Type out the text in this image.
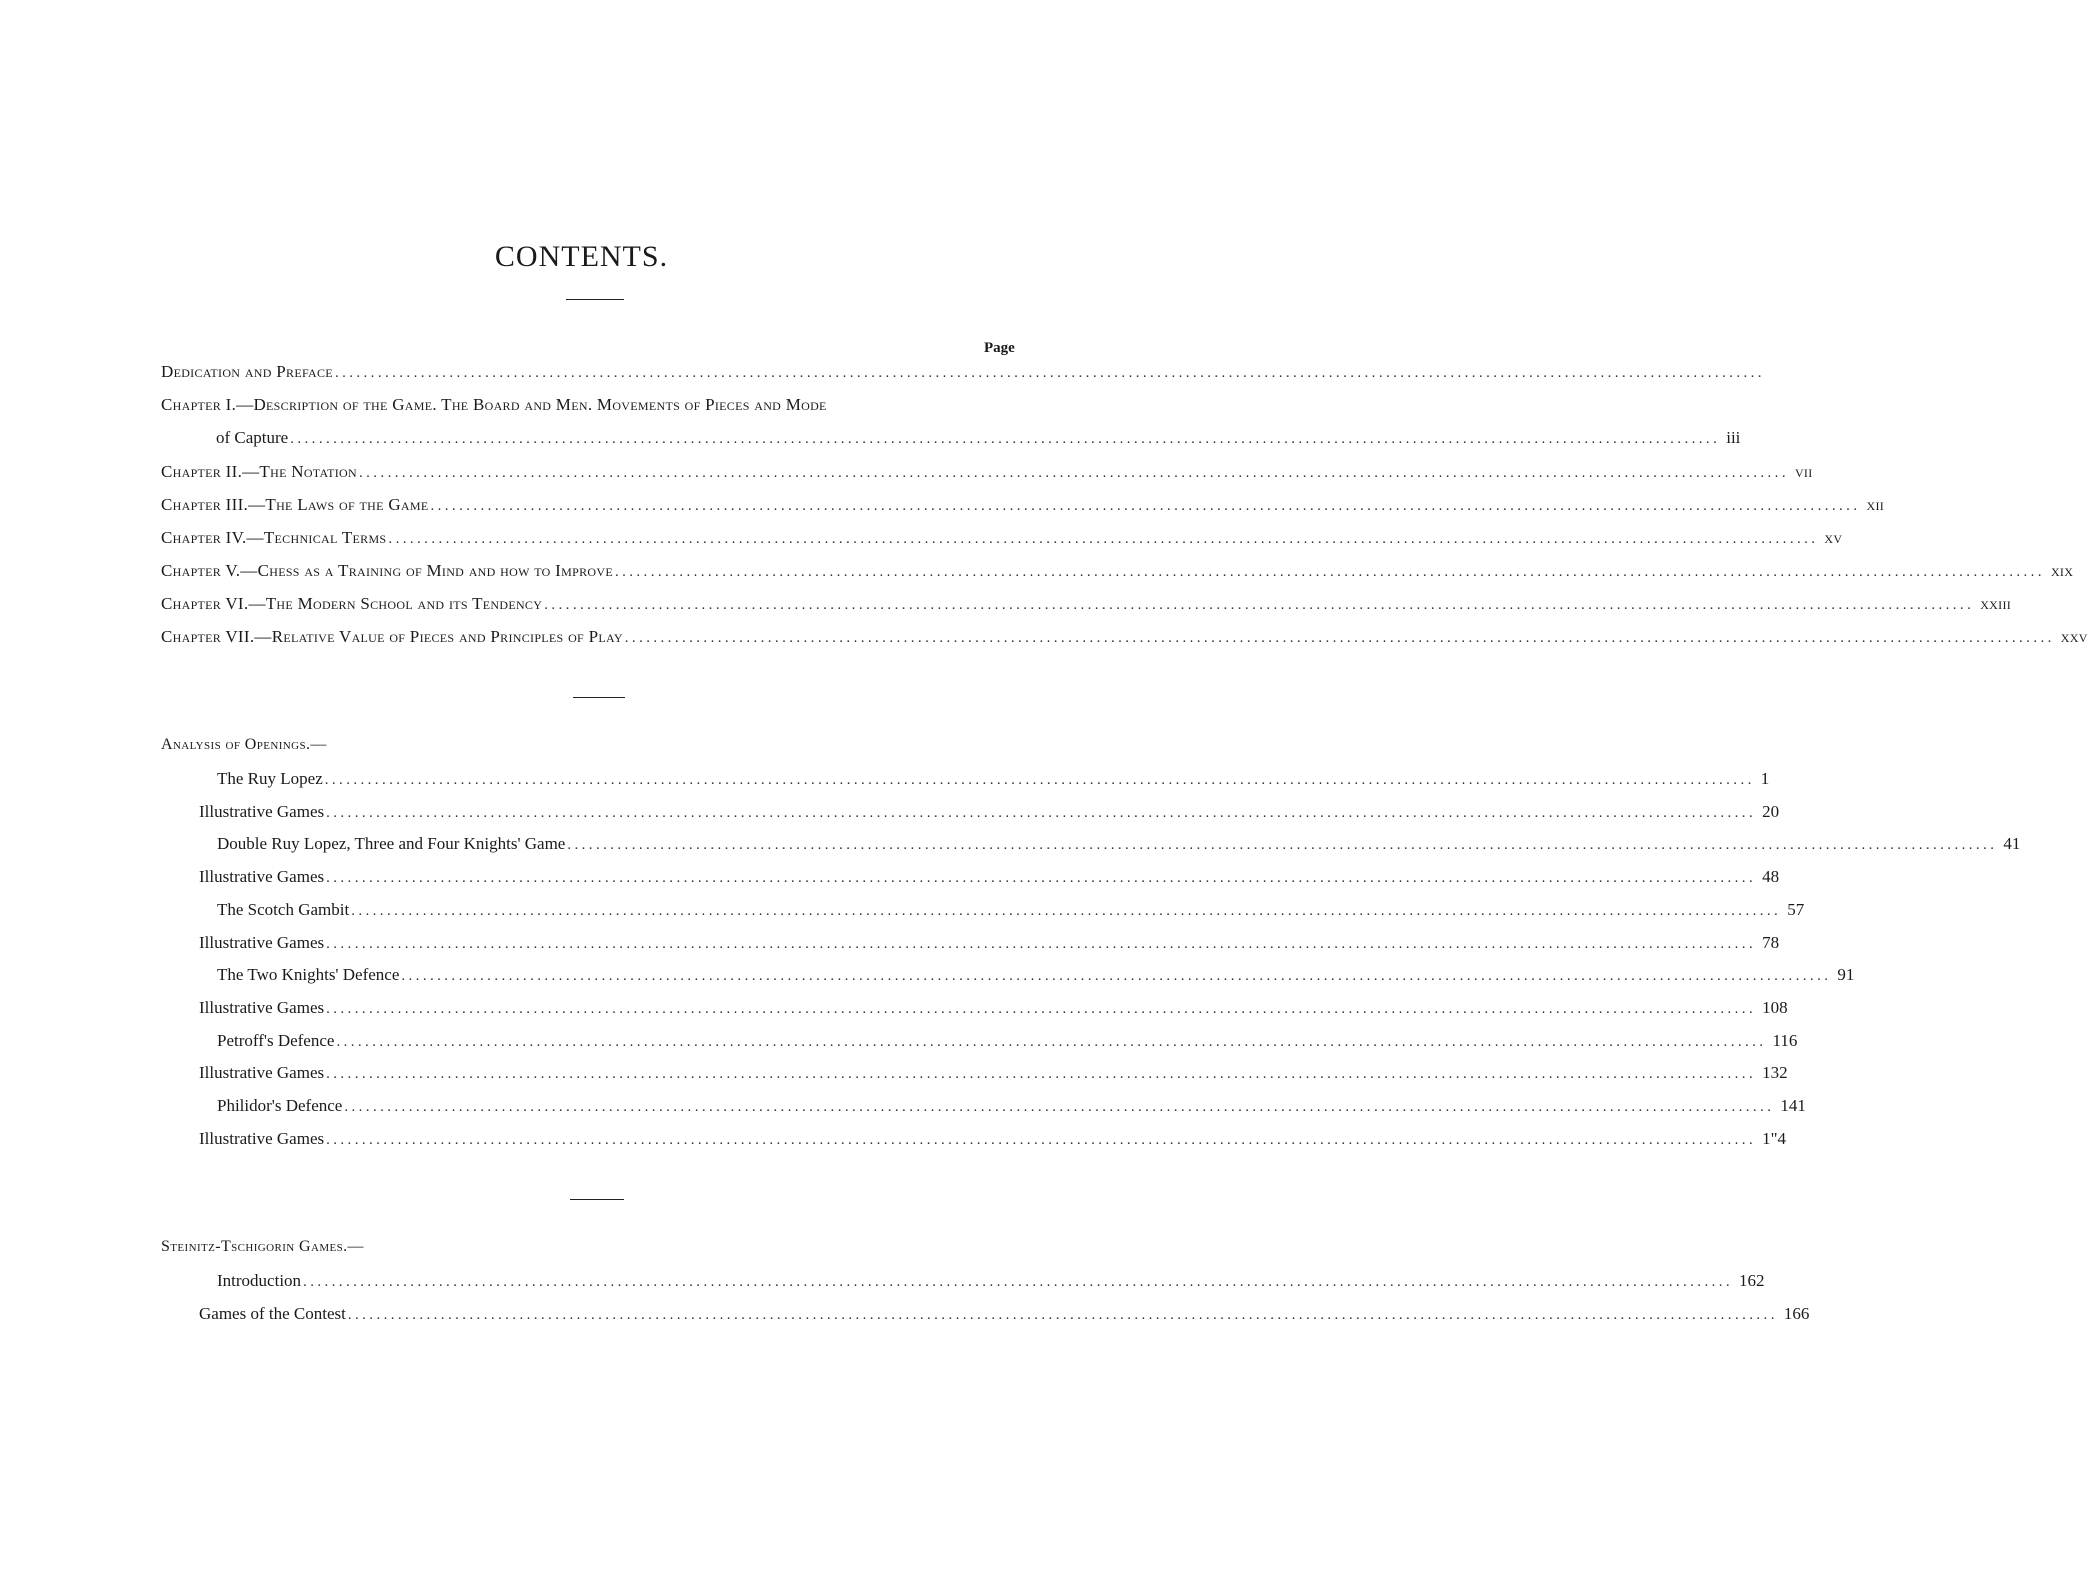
CONTENTS.
Page
Dedication and Preface ........................................................................................................................................................................................................
Chapter I.—Description of the Game. The Board and Men. Movements of Pieces and Mode
of Capture ........................................................................................................................................................................................................ iii
Chapter II.—The Notation ........................................................................................................................................................................................................ vii
Chapter III.—The Laws of the Game ........................................................................................................................................................................................................ xii
Chapter IV.—Technical Terms ........................................................................................................................................................................................................ xv
Chapter V.—Chess as a Training of Mind and how to Improve ........................................................................................................................................................................................................ xix
Chapter VI.—The Modern School and its Tendency ........................................................................................................................................................................................................ xxiii
Chapter VII.—Relative Value of Pieces and Principles of Play ........................................................................................................................................................................................................ xxv
Analysis of Openings.—
The Ruy Lopez ........................................................................................................................................................................................................ 1
Illustrative Games ........................................................................................................................................................................................................ 20
Double Ruy Lopez, Three and Four Knights' Game ........................................................................................................................................................................................................ 41
Illustrative Games ........................................................................................................................................................................................................ 48
The Scotch Gambit ........................................................................................................................................................................................................ 57
Illustrative Games ........................................................................................................................................................................................................ 78
The Two Knights' Defence ........................................................................................................................................................................................................ 91
Illustrative Games ........................................................................................................................................................................................................ 108
Petroff's Defence ........................................................................................................................................................................................................ 116
Illustrative Games ........................................................................................................................................................................................................ 132
Philidor's Defence ........................................................................................................................................................................................................ 141
Illustrative Games ........................................................................................................................................................................................................ 1"4
Steinitz-Tschigorin Games.—
Introduction ........................................................................................................................................................................................................ 162
Games of the Contest ........................................................................................................................................................................................................ 166
